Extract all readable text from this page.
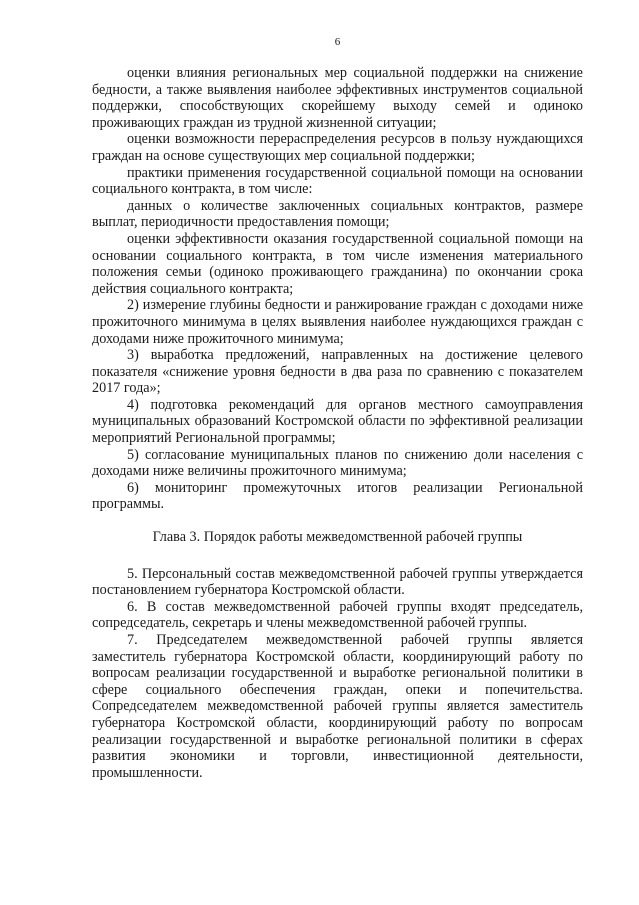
6

оценки влияния региональных мер социальной поддержки на снижение бедности, а также выявления наиболее эффективных инструментов социальной поддержки, способствующих скорейшему выходу семей и одиноко проживающих граждан из трудной жизненной ситуации;

оценки возможности перераспределения ресурсов в пользу нуждающихся граждан на основе существующих мер социальной поддержки;

практики применения государственной социальной помощи на основании социального контракта, в том числе:

данных о количестве заключенных социальных контрактов, размере выплат, периодичности предоставления помощи;

оценки эффективности оказания государственной социальной помощи на основании социального контракта, в том числе изменения материального положения семьи (одиноко проживающего гражданина) по окончании срока действия социального контракта;

2) измерение глубины бедности и ранжирование граждан с доходами ниже прожиточного минимума в целях выявления наиболее нуждающихся граждан с доходами ниже прожиточного минимума;

3) выработка предложений, направленных на достижение целевого показателя «снижение уровня бедности в два раза по сравнению с показателем 2017 года»;

4) подготовка рекомендаций для органов местного самоуправления муниципальных образований Костромской области по эффективной реализации мероприятий Региональной программы;

5) согласование муниципальных планов по снижению доли населения с доходами ниже величины прожиточного минимума;

6) мониторинг промежуточных итогов реализации Региональной программы.

Глава 3. Порядок работы межведомственной рабочей группы

5. Персональный состав межведомственной рабочей группы утверждается постановлением губернатора Костромской области.

6. В состав межведомственной рабочей группы входят председатель, сопредседатель, секретарь и члены межведомственной рабочей группы.

7. Председателем межведомственной рабочей группы является заместитель губернатора Костромской области, координирующий работу по вопросам реализации государственной и выработке региональной политики в сфере социального обеспечения граждан, опеки и попечительства. Сопредседателем межведомственной рабочей группы является заместитель губернатора Костромской области, координирующий работу по вопросам реализации государственной и выработке региональной политики в сферах развития экономики и торговли, инвестиционной деятельности, промышленности.
